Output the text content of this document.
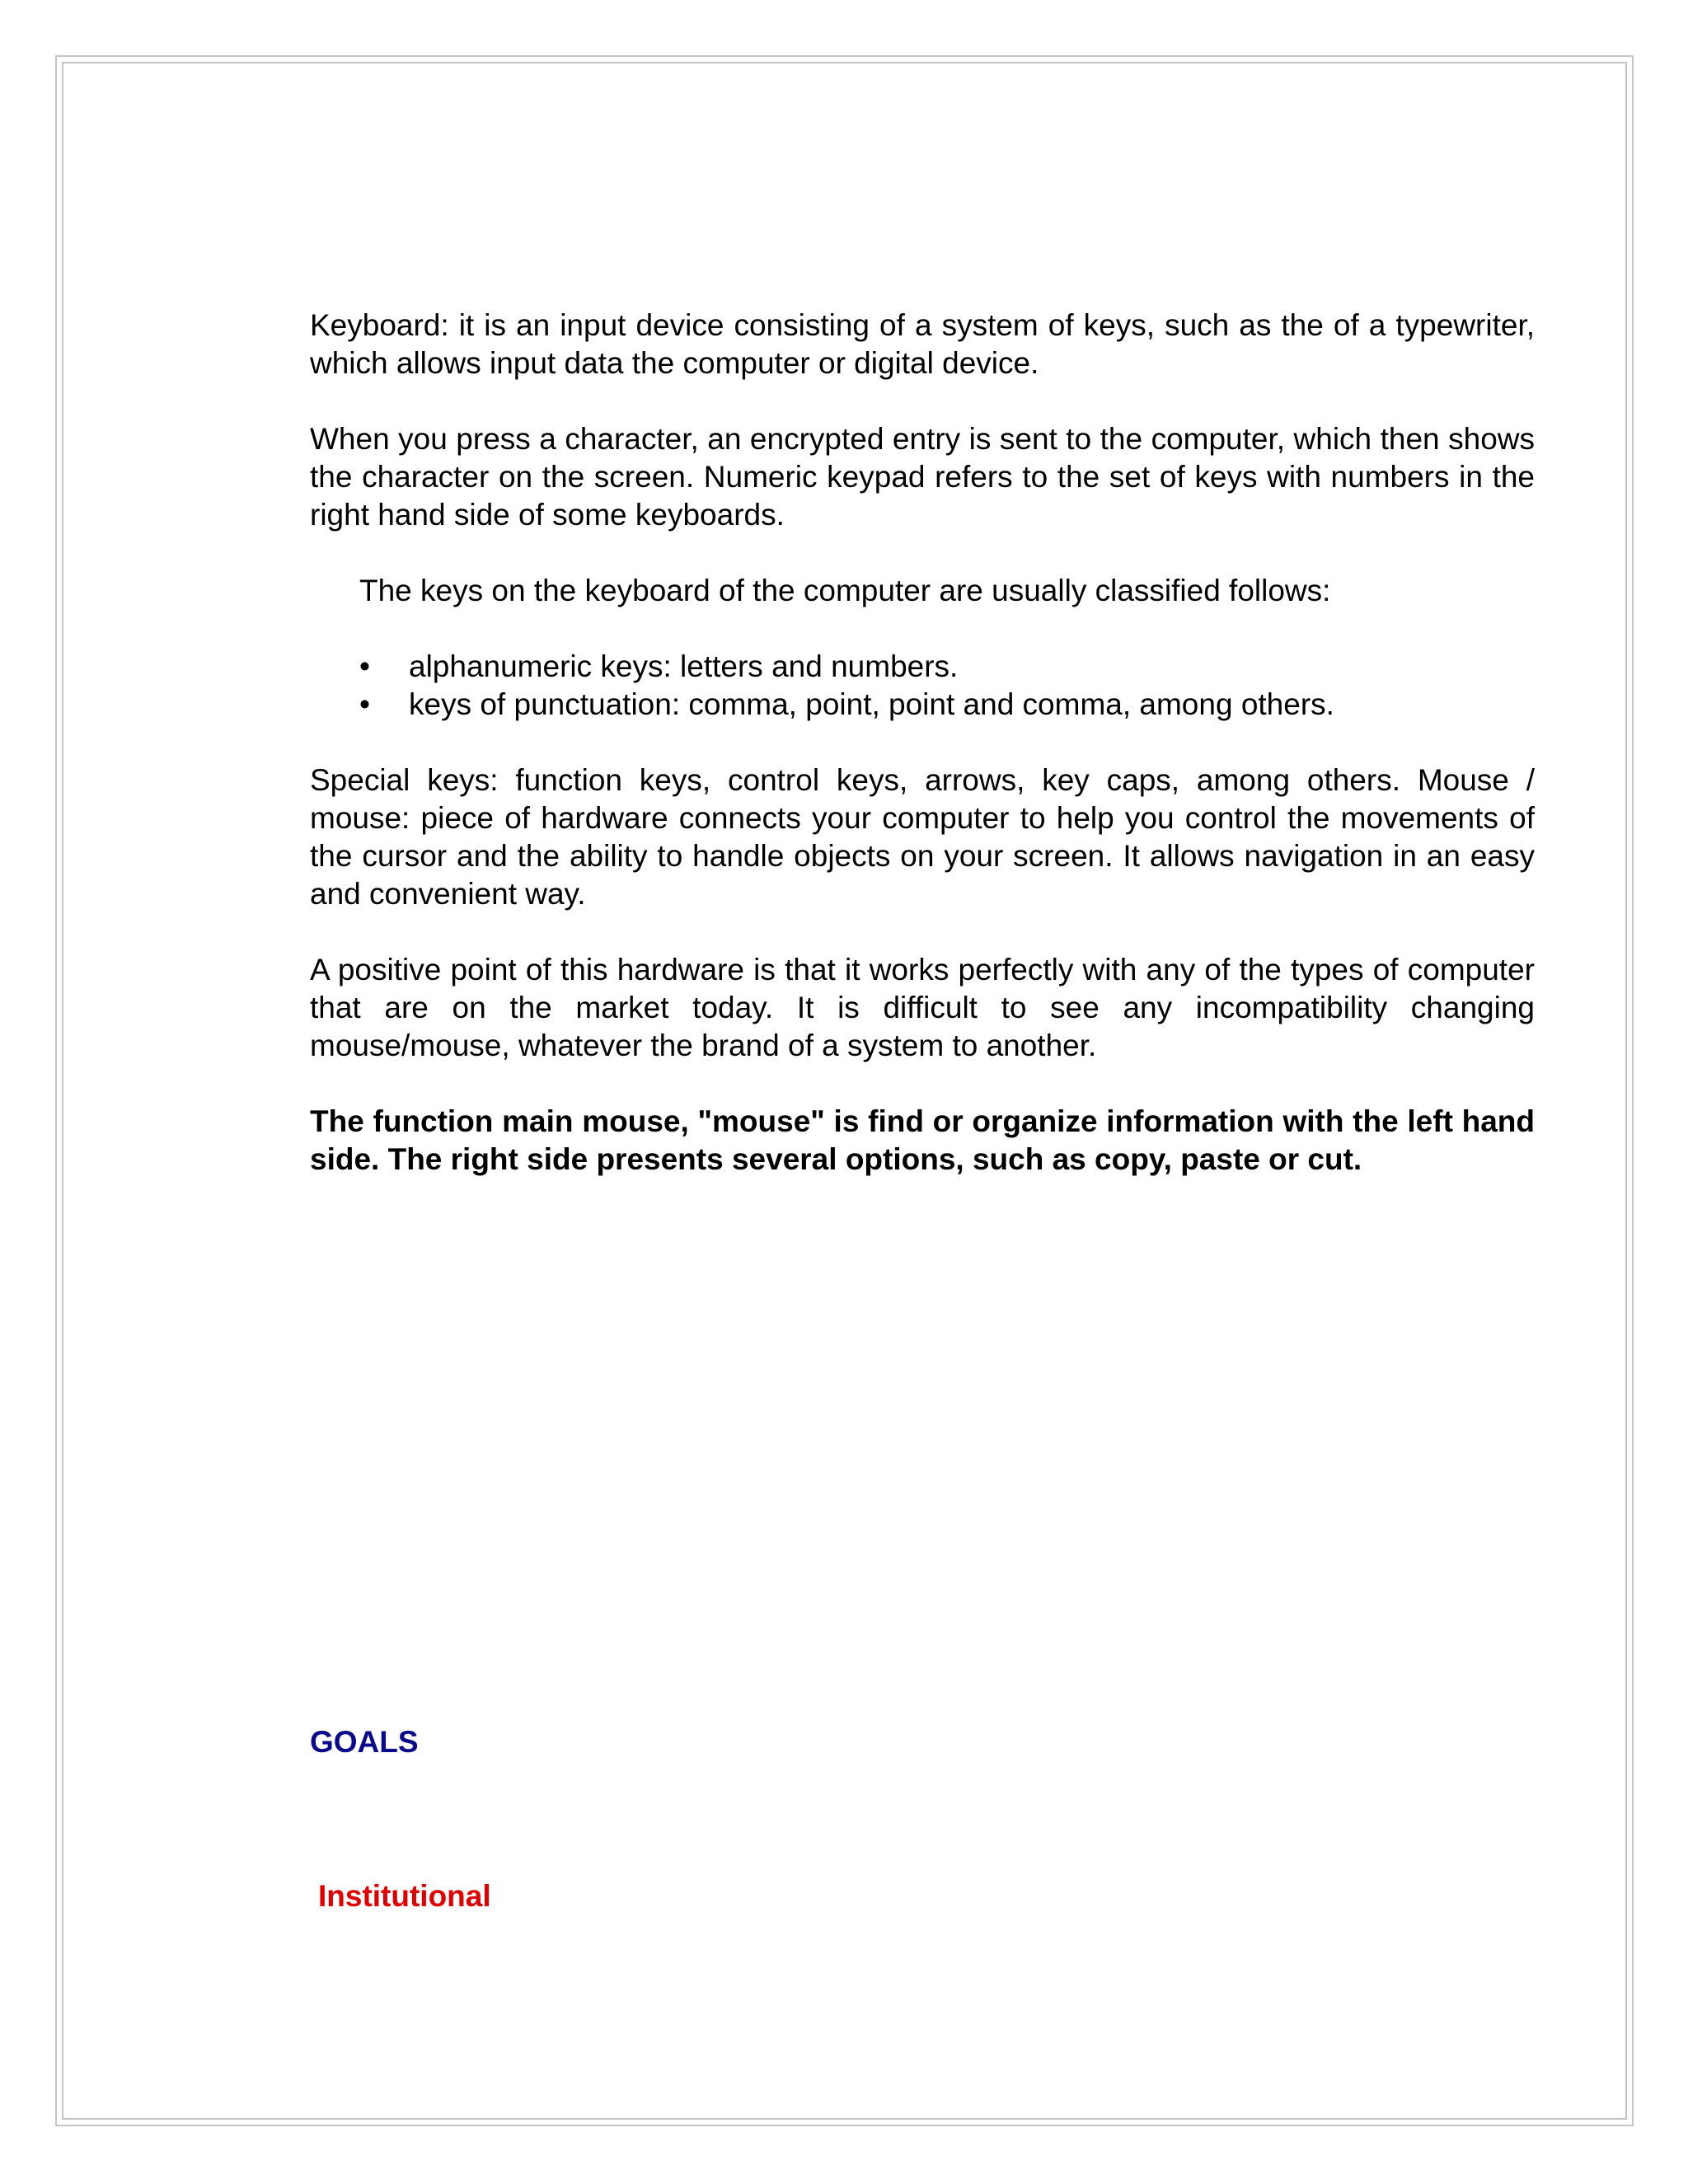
Keyboard: it is an input device consisting of a system of keys, such as the of a typewriter, which allows input data the computer or digital device.

When you press a character, an encrypted entry is sent to the computer, which then shows the character on the screen. Numeric keypad refers to the set of keys with numbers in the right hand side of some keyboards.

The keys on the keyboard of the computer are usually classified follows:

• alphanumeric keys: letters and numbers.
• keys of punctuation: comma, point, point and comma, among others.

Special keys: function keys, control keys, arrows, key caps, among others. Mouse / mouse: piece of hardware connects your computer to help you control the movements of the cursor and the ability to handle objects on your screen. It allows navigation in an easy and convenient way.

A positive point of this hardware is that it works perfectly with any of the types of computer that are on the market today. It is difficult to see any incompatibility changing mouse/mouse, whatever the brand of a system to another.

The function main mouse, "mouse" is find or organize information with the left hand side. The right side presents several options, such as copy, paste or cut.

GOALS
Institutional
